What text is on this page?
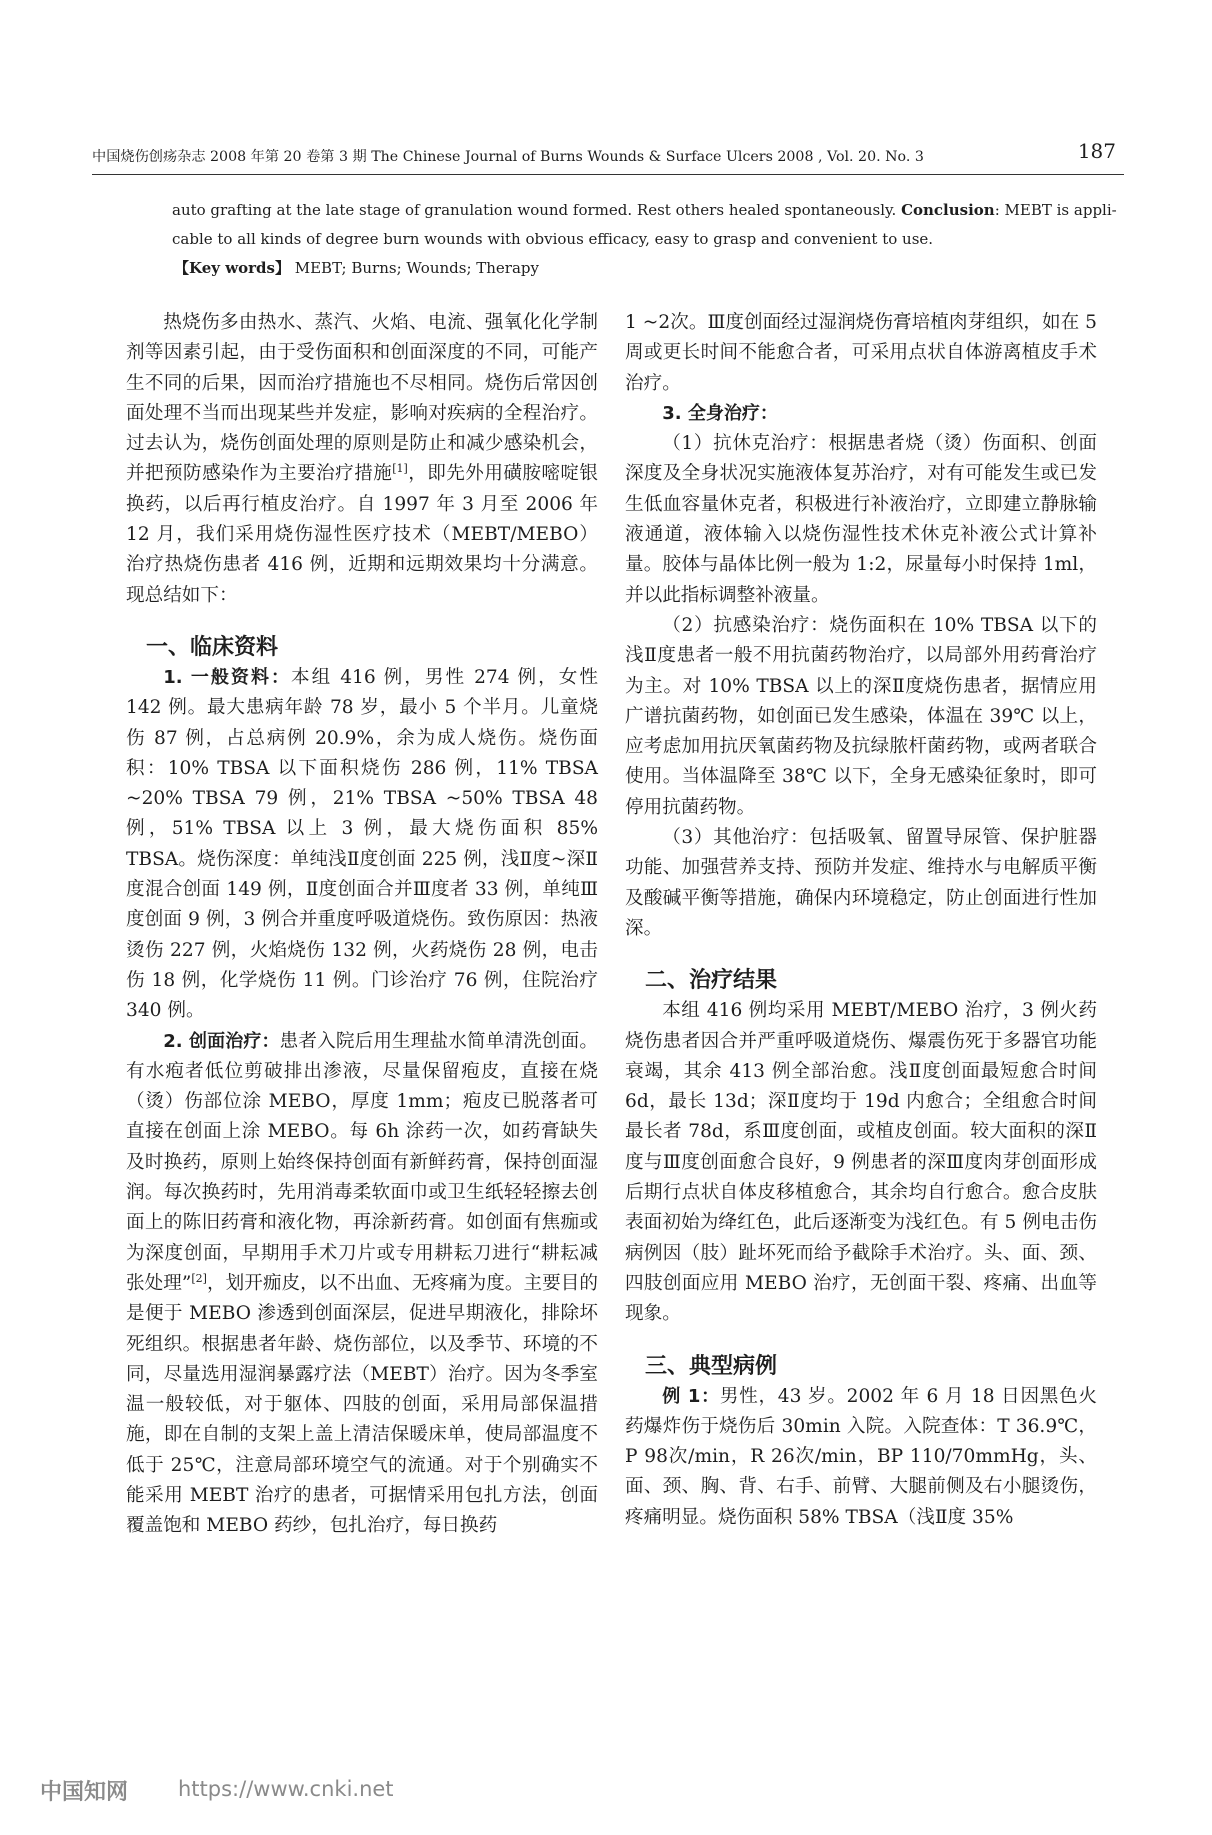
中国烧伤创疡杂志 2008 年第 20 卷第 3 期 The Chinese Journal of Burns Wounds & Surface Ulcers 2008 , Vol. 20. No. 3	187

auto grafting at the late stage of granulation wound formed. Rest others healed spontaneously. Conclusion: MEBT is appli-

cable to all kinds of degree burn wounds with obvious efficacy, easy to grasp and convenient to use.

【Key words】 MEBT; Burns; Wounds; Therapy

热烧伤多由热水、蒸汽、火焰、电流、强氧化化学制剂等因素引起，由于受伤面积和创面深度的不同，可能产生不同的后果，因而治疗措施也不尽相同。烧伤后常因创面处理不当而出现某些并发症，影响对疾病的全程治疗。过去认为，烧伤创面处理的原则是防止和减少感染机会，并把预防感染作为主要治疗措施[1]，即先外用磺胺嘧啶银换药，以后再行植皮治疗。自 1997 年 3 月至 2006 年 12 月，我们采用烧伤湿性医疗技术（MEBT/MEBO）治疗热烧伤患者 416 例，近期和远期效果均十分满意。现总结如下：

一、临床资料

1. 一般资料：本组 416 例，男性 274 例，女性 142 例。最大患病年龄 78 岁，最小 5 个半月。儿童烧伤 87 例，占总病例 20.9%，余为成人烧伤。烧伤面积：10% TBSA 以下面积烧伤 286 例，11% TBSA ~20% TBSA 79 例，21% TBSA ~50% TBSA 48 例，51% TBSA 以上 3 例，最大烧伤面积 85% TBSA。烧伤深度：单纯浅Ⅱ度创面 225 例，浅Ⅱ度~深Ⅱ度混合创面 149 例，Ⅱ度创面合并Ⅲ度者 33 例，单纯Ⅲ度创面 9 例，3 例合并重度呼吸道烧伤。致伤原因：热液烫伤 227 例，火焰烧伤 132 例，火药烧伤 28 例，电击伤 18 例，化学烧伤 11 例。门诊治疗 76 例，住院治疗 340 例。

2. 创面治疗：患者入院后用生理盐水简单清洗创面。有水疱者低位剪破排出渗液，尽量保留疱皮，直接在烧（烫）伤部位涂 MEBO，厚度 1mm；疱皮已脱落者可直接在创面上涂 MEBO。每 6h 涂药一次，如药膏缺失及时换药，原则上始终保持创面有新鲜药膏，保持创面湿润。每次换药时，先用消毒柔软面巾或卫生纸轻轻擦去创面上的陈旧药膏和液化物，再涂新药膏。如创面有焦痂或为深度创面，早期用手术刀片或专用耕耘刀进行“耕耘减张处理”[2]，划开痂皮，以不出血、无疼痛为度。主要目的是便于 MEBO 渗透到创面深层，促进早期液化，排除坏死组织。根据患者年龄、烧伤部位，以及季节、环境的不同，尽量选用湿润暴露疗法（MEBT）治疗。因为冬季室温一般较低，对于躯体、四肢的创面，采用局部保温措施，即在自制的支架上盖上清洁保暖床单，使局部温度不低于 25℃，注意局部环境空气的流通。对于个别确实不能采用 MEBT 治疗的患者，可据情采用包扎方法，创面覆盖饱和 MEBO 药纱，包扎治疗，每日换药

1 ~2次。Ⅲ度创面经过湿润烧伤膏培植肉芽组织，如在 5 周或更长时间不能愈合者，可采用点状自体游离植皮手术治疗。

3. 全身治疗：

（1）抗休克治疗：根据患者烧（烫）伤面积、创面深度及全身状况实施液体复苏治疗，对有可能发生或已发生低血容量休克者，积极进行补液治疗，立即建立静脉输液通道，液体输入以烧伤湿性技术休克补液公式计算补量。胶体与晶体比例一般为 1:2，尿量每小时保持 1ml，并以此指标调整补液量。

（2）抗感染治疗：烧伤面积在 10% TBSA 以下的浅Ⅱ度患者一般不用抗菌药物治疗，以局部外用药膏治疗为主。对 10% TBSA 以上的深Ⅱ度烧伤患者，据情应用广谱抗菌药物，如创面已发生感染，体温在 39℃ 以上，应考虑加用抗厌氧菌药物及抗绿脓杆菌药物，或两者联合使用。当体温降至 38℃ 以下，全身无感染征象时，即可停用抗菌药物。

（3）其他治疗：包括吸氧、留置导尿管、保护脏器功能、加强营养支持、预防并发症、维持水与电解质平衡及酸碱平衡等措施，确保内环境稳定，防止创面进行性加深。

二、治疗结果

本组 416 例均采用 MEBT/MEBO 治疗，3 例火药烧伤患者因合并严重呼吸道烧伤、爆震伤死于多器官功能衰竭，其余 413 例全部治愈。浅Ⅱ度创面最短愈合时间 6d，最长 13d；深Ⅱ度均于 19d 内愈合；全组愈合时间最长者 78d，系Ⅲ度创面，或植皮创面。较大面积的深Ⅱ度与Ⅲ度创面愈合良好，9 例患者的深Ⅲ度肉芽创面形成后期行点状自体皮移植愈合，其余均自行愈合。愈合皮肤表面初始为绛红色，此后逐渐变为浅红色。有 5 例电击伤病例因（肢）趾坏死而给予截除手术治疗。头、面、颈、四肢创面应用 MEBO 治疗，无创面干裂、疼痛、出血等现象。

三、典型病例

例 1：男性，43 岁。2002 年 6 月 18 日因黑色火药爆炸伤于烧伤后 30min 入院。入院查体：T 36.9℃，P 98次/min，R 26次/min，BP 110/70mmHg，头、面、颈、胸、背、右手、前臂、大腿前侧及右小腿烫伤，疼痛明显。烧伤面积 58% TBSA（浅Ⅱ度 35%

中国知网 https://www.cnki.net
